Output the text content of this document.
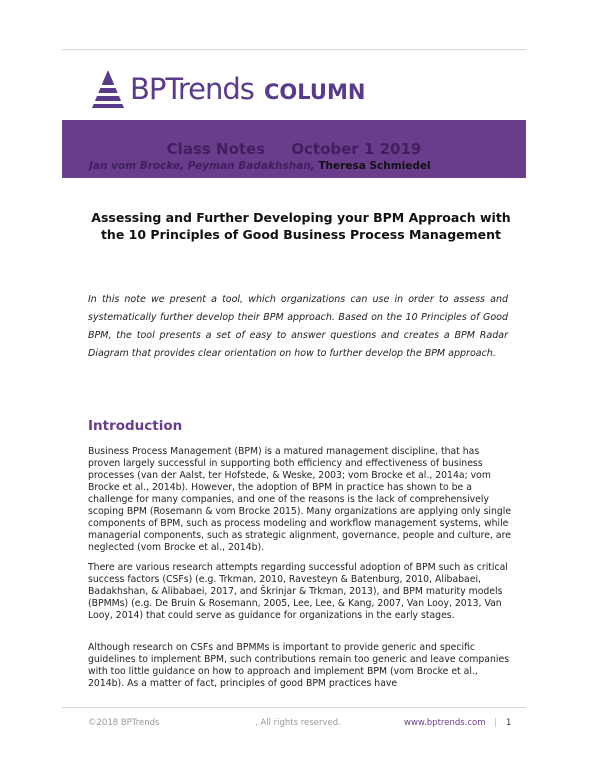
BPTrends COLUMN
Class Notes     October 1 2019
Jan vom Brocke, Peyman Badakhshan, Theresa Schmiedel
Assessing and Further Developing your BPM Approach with the 10 Principles of Good Business Process Management
In this note we present a tool, which organizations can use in order to assess and systematically further develop their BPM approach. Based on the 10 Principles of Good BPM, the tool presents a set of easy to answer questions and creates a BPM Radar Diagram that provides clear orientation on how to further develop the BPM approach.
Introduction
Business Process Management (BPM) is a matured management discipline, that has proven largely successful in supporting both efficiency and effectiveness of business processes (van der Aalst, ter Hofstede, & Weske, 2003; vom Brocke et al., 2014a; vom Brocke et al., 2014b). However, the adoption of BPM in practice has shown to be a challenge for many companies, and one of the reasons is the lack of comprehensively scoping BPM (Rosemann & vom Brocke 2015). Many organizations are applying only single components of BPM, such as process modeling and workflow management systems, while managerial components, such as strategic alignment, governance, people and culture, are neglected (vom Brocke et al., 2014b).
There are various research attempts regarding successful adoption of BPM such as critical success factors (CSFs) (e.g. Trkman, 2010, Ravesteyn & Batenburg, 2010, Alibabaei, Badakhshan, & Alibabaei, 2017, and Škrinjar & Trkman, 2013), and BPM maturity models (BPMMs) (e.g. De Bruin & Rosemann, 2005, Lee, Lee, & Kang, 2007, Van Looy, 2013, Van Looy, 2014) that could serve as guidance for organizations in the early stages.
Although research on CSFs and BPMMs is important to provide generic and specific guidelines to implement BPM, such contributions remain too generic and leave companies with too little guidance on how to approach and implement BPM (vom Brocke et al., 2014b). As a matter of fact, principles of good BPM practices have
©2018 BPTrends	, All rights reserved.	www.bptrends.com | 1
